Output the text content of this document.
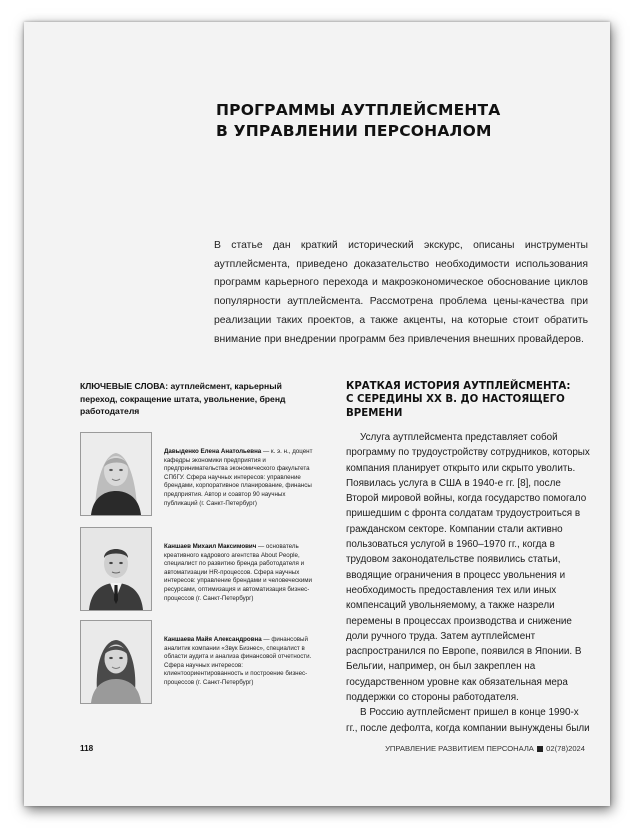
ПРОГРАММЫ АУТПЛЕЙСМЕНТА
В УПРАВЛЕНИИ ПЕРСОНАЛОМ
В статье дан краткий исторический экскурс, описаны инструменты аутплейсмента, приведено доказательство необходимости использования программ карьерного перехода и макроэкономическое обоснование циклов популярности аутплейсмента. Рассмотрена проблема цены-качества при реализации таких проектов, а также акценты, на которые стоит обратить внимание при внедрении программ без привлечения внешних провайдеров.
КЛЮЧЕВЫЕ СЛОВА: аутплейсмент, карьерный переход, сокращение штата, увольнение, бренд работодателя
Давыденко Елена Анатольевна — к. э. н., доцент кафедры экономики предприятия и предпринимательства экономического факультета СПбГУ. Сфера научных интересов: управление брендами, корпоративное планирование, финансы предприятия. Автор и соавтор 90 научных публикаций (г. Санкт-Петербург)
Каншаев Михаил Максимович — основатель креативного кадрового агентства About People, специалист по развитию бренда работодателя и автоматизации HR-процессов. Сфера научных интересов: управление брендами и человеческими ресурсами, оптимизация и автоматизация бизнес-процессов (г. Санкт-Петербург)
Каншаева Майя Александровна — финансовый аналитик компании «Звук Бизнес», специалист в области аудита и анализа финансовой отчетности. Сфера научных интересов: клиентоориентированность и построение бизнес-процессов (г. Санкт-Петербург)
КРАТКАЯ ИСТОРИЯ АУТПЛЕЙСМЕНТА:
С СЕРЕДИНЫ XX В. ДО НАСТОЯЩЕГО
ВРЕМЕНИ

Услуга аутплейсмента представляет собой программу по трудоустройству сотрудников, которых компания планирует открыто или скрыто уволить. Появилась услуга в США в 1940-е гг. [8], после Второй мировой войны, когда государство помогало пришедшим с фронта солдатам трудоустроиться в гражданском секторе. Компании стали активно пользоваться услугой в 1960–1970 гг., когда в трудовом законодательстве появились статьи, вводящие ограничения в процесс увольнения и необходимость предоставления тех или иных компенсаций увольняемому, а также назрели перемены в процессах производства и снижение доли ручного труда. Затем аутплейсмент распространился по Европе, появился в Японии. В Бельгии, например, он был закреплен на государственном уровне как обязательная мера поддержки со стороны работодателя.

В Россию аутплейсмент пришел в конце 1990-х гг., после дефолта, когда компании вынуждены были

118	УПРАВЛЕНИЕ РАЗВИТИЕМ ПЕРСОНАЛА 02(78)2024
